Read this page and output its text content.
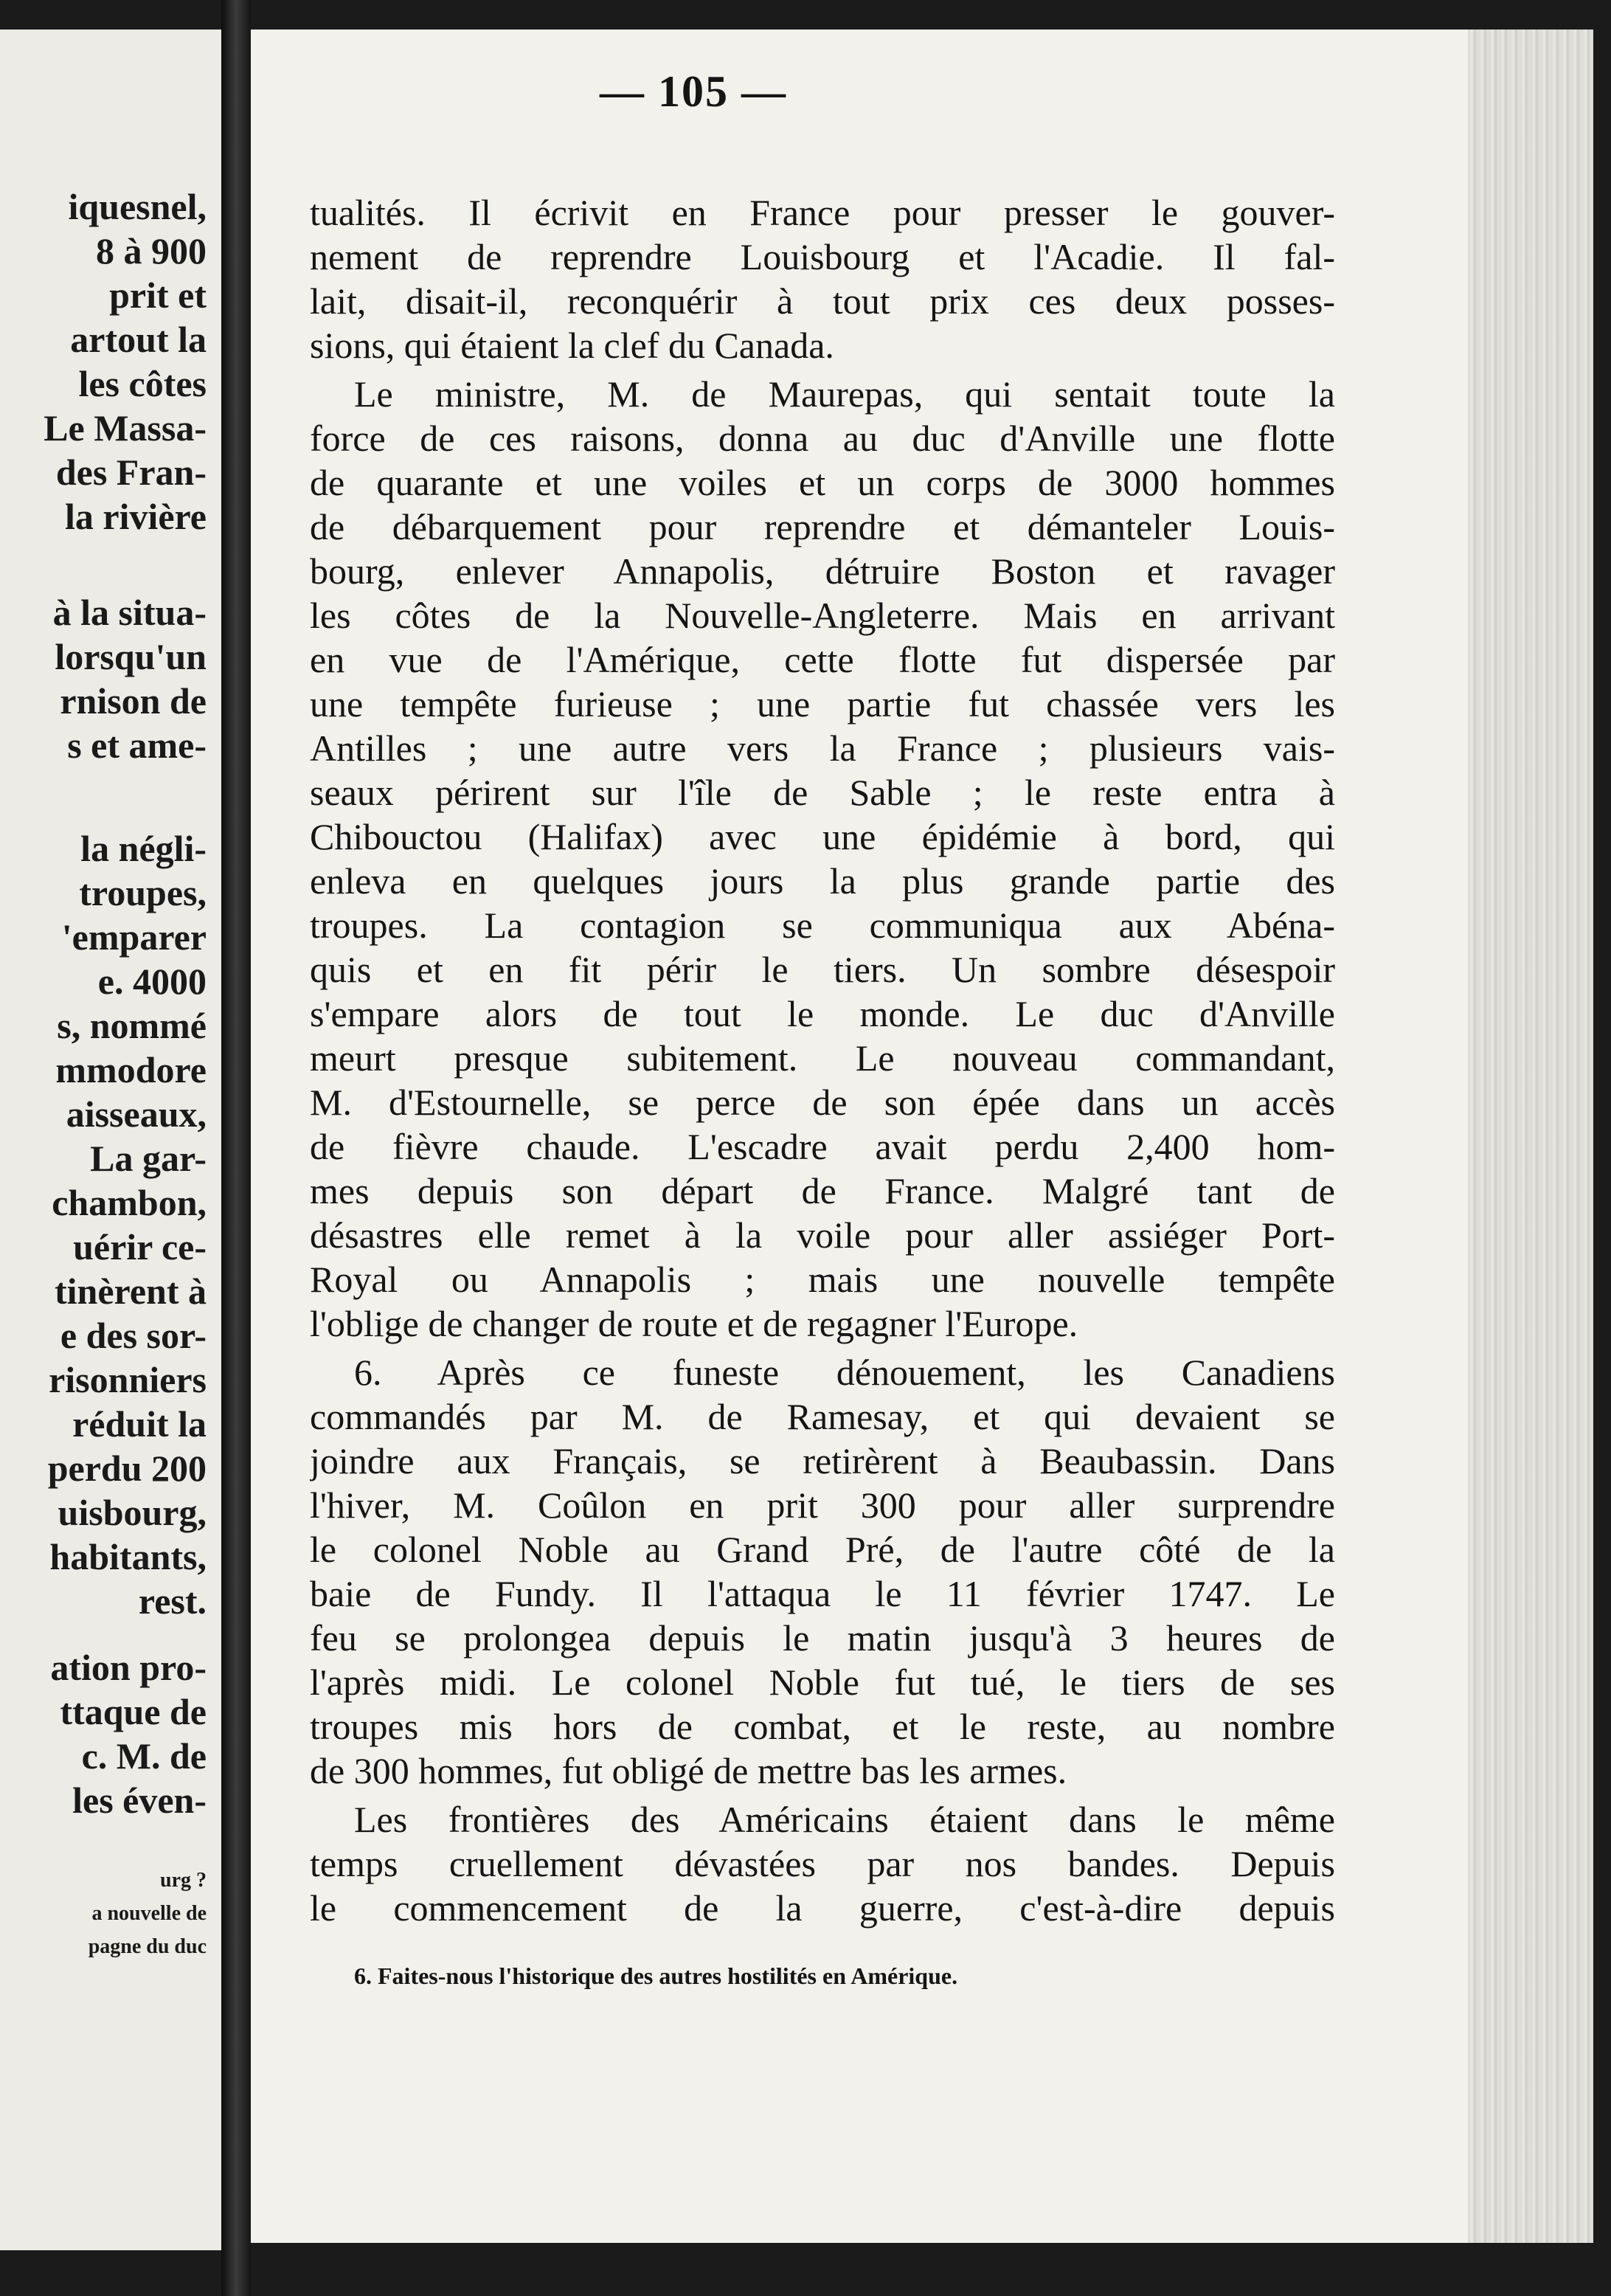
iquesnel,
8 à 900
prit et
artout la
les côtes
Le Massa-
des Fran-
la rivière
à la situa-
lorsqu'un
rnison de
s et ame-
la négli-
troupes,
'emparer
e. 4000
s, nommé
mmodore
aisseaux,
La gar-
chambon,
uérir ce-
tinèrent à
e des sor-
risonniers
réduit la
perdu 200
uisbourg,
habitants,
rest.
ation pro-
ttaque de
c. M. de
les éven-
urg ?
a nouvelle de
pagne du duc
— 105 —
tualités. Il écrivit en France pour presser le gouver-
nement de reprendre Louisbourg et l'Acadie. Il fal-
lait, disait-il, reconquérir à tout prix ces deux posses-
sions, qui étaient la clef du Canada.
Le ministre, M. de Maurepas, qui sentait toute la
force de ces raisons, donna au duc d'Anville une flotte
de quarante et une voiles et un corps de 3000 hommes
de débarquement pour reprendre et démanteler Louis-
bourg, enlever Annapolis, détruire Boston et ravager
les côtes de la Nouvelle-Angleterre. Mais en arrivant
en vue de l'Amérique, cette flotte fut dispersée par
une tempête furieuse ; une partie fut chassée vers les
Antilles ; une autre vers la France ; plusieurs vais-
seaux périrent sur l'île de Sable ; le reste entra à
Chibouctou (Halifax) avec une épidémie à bord, qui
enleva en quelques jours la plus grande partie des
troupes. La contagion se communiqua aux Abéna-
quis et en fit périr le tiers. Un sombre désespoir
s'empare alors de tout le monde. Le duc d'Anville
meurt presque subitement. Le nouveau commandant,
M. d'Estournelle, se perce de son épée dans un accès
de fièvre chaude. L'escadre avait perdu 2,400 hom-
mes depuis son départ de France. Malgré tant de
désastres elle remet à la voile pour aller assiéger Port-
Royal ou Annapolis ; mais une nouvelle tempête
l'oblige de changer de route et de regagner l'Europe.
6. Après ce funeste dénouement, les Canadiens
commandés par M. de Ramesay, et qui devaient se
joindre aux Français, se retirèrent à Beaubassin. Dans
l'hiver, M. Coûlon en prit 300 pour aller surprendre
le colonel Noble au Grand Pré, de l'autre côté de la
baie de Fundy. Il l'attaqua le 11 février 1747. Le
feu se prolongea depuis le matin jusqu'à 3 heures de
l'après midi. Le colonel Noble fut tué, le tiers de ses
troupes mis hors de combat, et le reste, au nombre
de 300 hommes, fut obligé de mettre bas les armes.
Les frontières des Américains étaient dans le même
temps cruellement dévastées par nos bandes. Depuis
le commencement de la guerre, c'est-à-dire depuis
6. Faites-nous l'historique des autres hostilités en Amérique.
